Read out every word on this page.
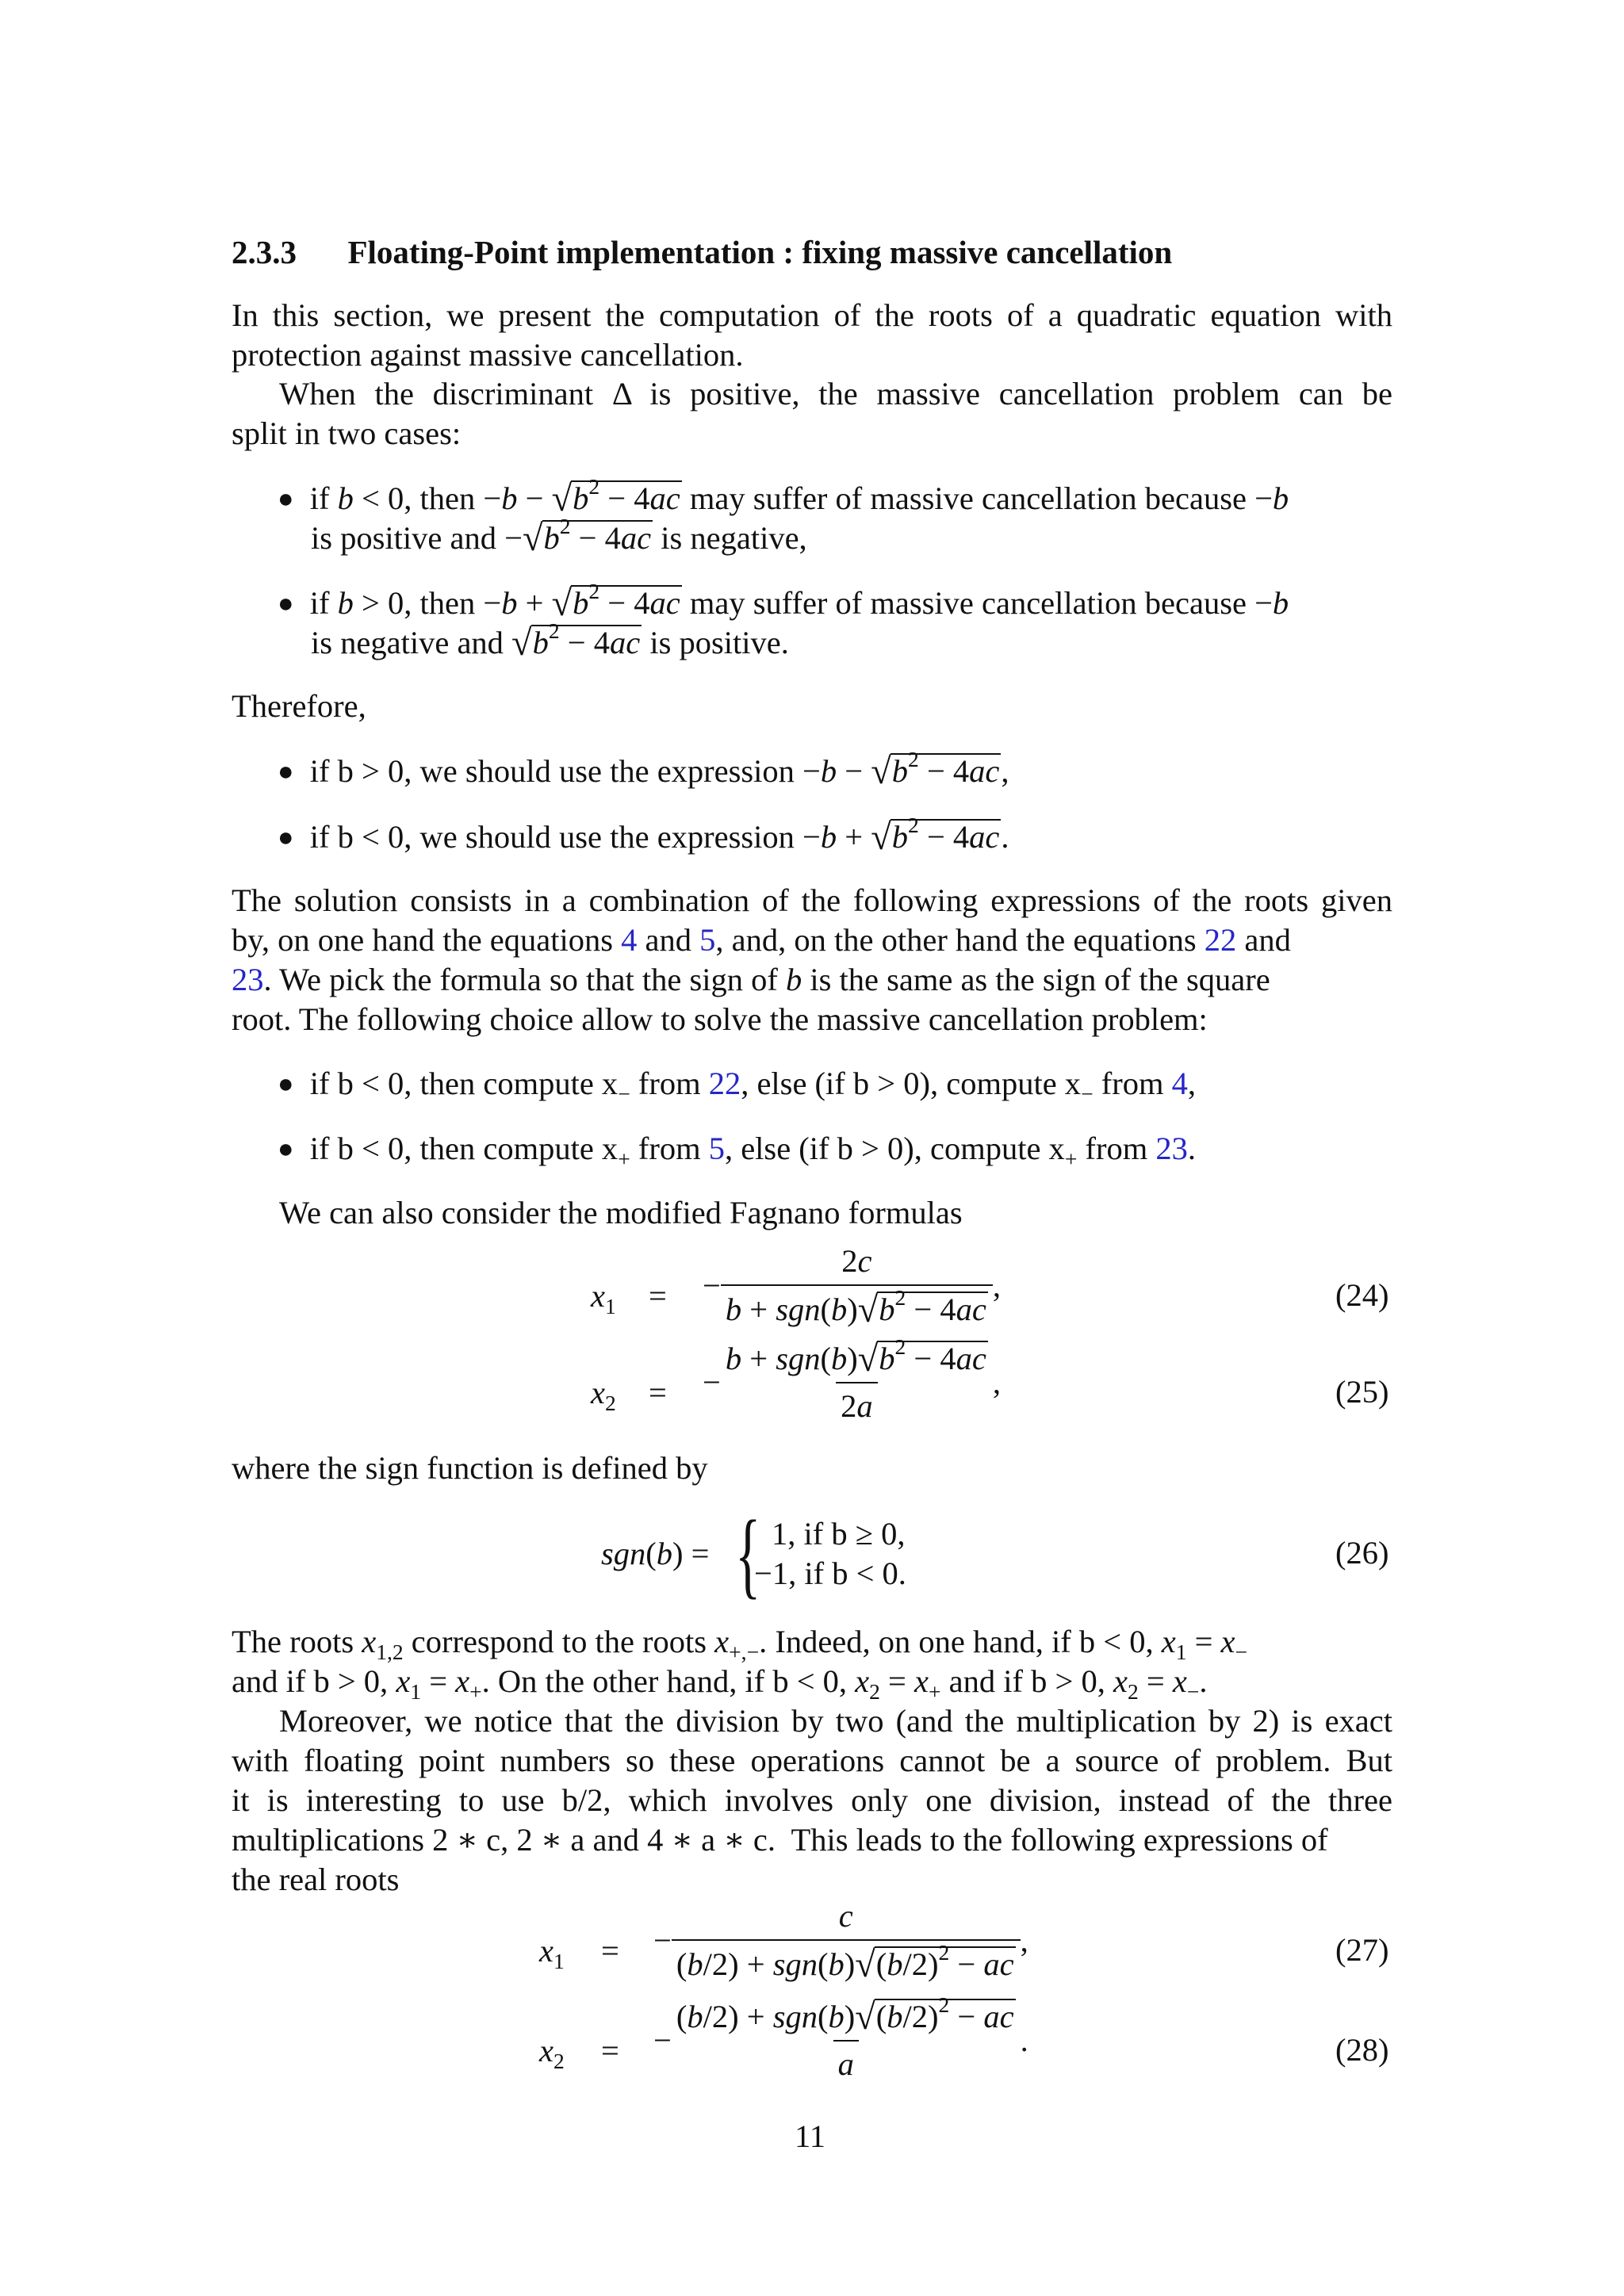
2.3.3 Floating-Point implementation : fixing massive cancellation
In this section, we present the computation of the roots of a quadratic equation with
protection against massive cancellation.
When the discriminant Δ is positive, the massive cancellation problem can be
split in two cases:
● if b < 0, then $-b - √b^2 - 4ac$ may suffer of massive cancellation because −b
is positive and $-√b^2 - 4ac$ is negative,
● if b > 0, then $-b + √b^2 - 4ac$ may suffer of massive cancellation because −b
is negative and $√b^2 - 4ac$ is positive.
Therefore,
● if b > 0, we should use the expression $-b - √b^2 - 4ac$,
● if b < 0, we should use the expression $-b + √b^2 - 4ac$.
The solution consists in a combination of the following expressions of the roots given
by, on one hand the equations 4 and 5, and, on the other hand the equations 22 and
23. We pick the formula so that the sign of b is the same as the sign of the square
root. The following choice allow to solve the massive cancellation problem:
● if b < 0, then compute $x_-$ from 22, else (if b > 0), compute $x_-$ from 4,
● if b < 0, then compute $x_+$ from 5, else (if b > 0), compute $x_+$ from 23.
We can also consider the modified Fagnano formulas
$x_1$ = − $\frac{2c}{b + sgn(b)√b^2 - 4ac}$ ,	(24)
$x_2$ = − $\frac{b + sgn(b)√b^2 - 4ac}{2a}$ ,	(25)
where the sign function is defined by
sgn(b) = { 1, if b ≥ 0,
−1, if b < 0.
(26)
The roots $x_{1,2}$ correspond to the roots $x_{+,-}$. Indeed, on one hand, if b < 0, $x_1 = x_-$
and if b > 0, $x_1 = x_+$. On the other hand, if b < 0, $x_2 = x_+$ and if b > 0, $x_2 = x_-$.
Moreover, we notice that the division by two (and the multiplication by 2) is exact
with floating point numbers so these operations cannot be a source of problem. But
it is interesting to use b/2, which involves only one division, instead of the three
multiplications 2 ∗ c, 2 ∗ a and 4 ∗ a ∗ c. This leads to the following expressions of
the real roots
$x_1$ = − $\frac{c}{(b/2) + sgn(b)√(b/2)^2 - ac}$ ,	(27)
$x_2$ = − $\frac{(b/2) + sgn(b)√(b/2)^2 - ac}{a}$ .	(28)
11
